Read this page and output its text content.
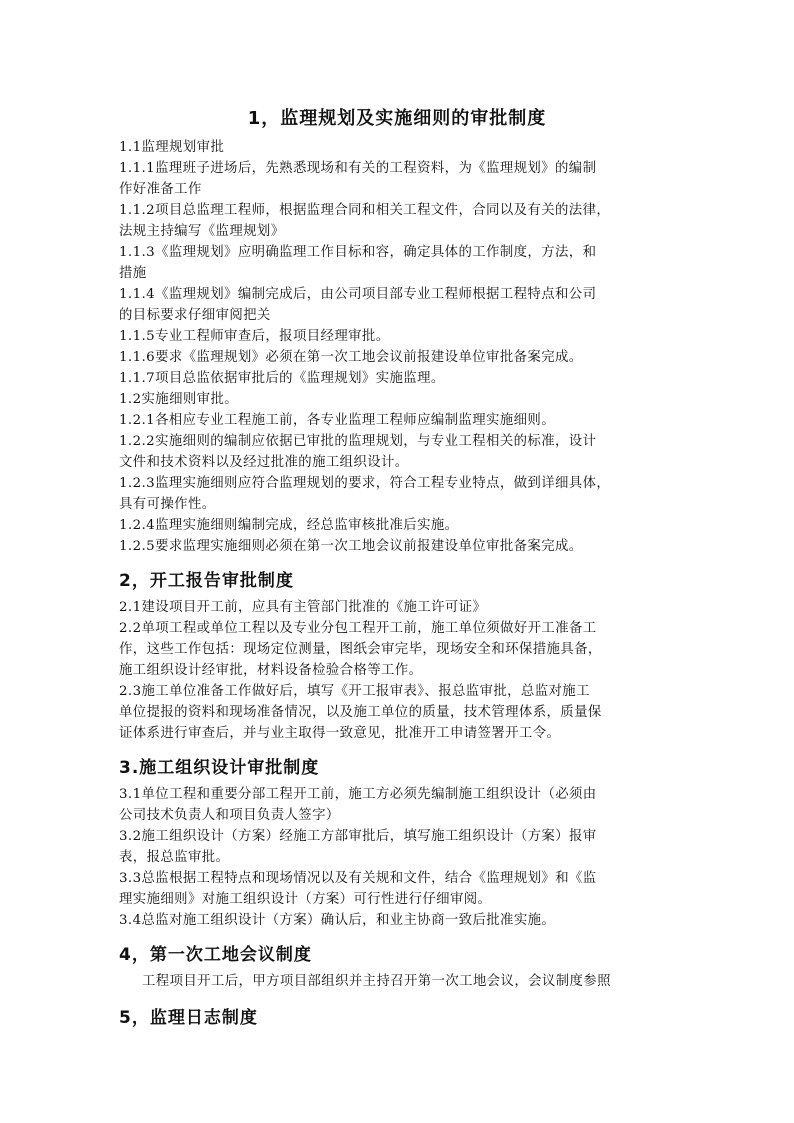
1，监理规划及实施细则的审批制度
1.1监理规划审批
1.1.1监理班子进场后，先熟悉现场和有关的工程资料，为《监理规划》的编制
作好准备工作
1.1.2项目总监理工程师，根据监理合同和相关工程文件，合同以及有关的法律，
法规主持编写《监理规划》
1.1.3《监理规划》应明确监理工作目标和容，确定具体的工作制度，方法，和
措施
1.1.4《监理规划》编制完成后，由公司项目部专业工程师根据工程特点和公司
的目标要求仔细审阅把关
1.1.5专业工程师审查后，报项目经理审批。
1.1.6要求《监理规划》必须在第一次工地会议前报建设单位审批备案完成。
1.1.7项目总监依据审批后的《监理规划》实施监理。
1.2实施细则审批。
1.2.1各相应专业工程施工前，各专业监理工程师应编制监理实施细则。
1.2.2实施细则的编制应依据已审批的监理规划，与专业工程相关的标准，设计
文件和技术资料以及经过批准的施工组织设计。
1.2.3监理实施细则应符合监理规划的要求，符合工程专业特点，做到详细具体，
具有可操作性。
1.2.4监理实施细则编制完成，经总监审核批准后实施。
1.2.5要求监理实施细则必须在第一次工地会议前报建设单位审批备案完成。
2，开工报告审批制度
2.1建设项目开工前，应具有主管部门批准的《施工许可证》
2.2单项工程或单位工程以及专业分包工程开工前，施工单位须做好开工准备工
作，这些工作包括：现场定位测量，图纸会审完毕，现场安全和环保措施具备，
施工组织设计经审批，材料设备检验合格等工作。
2.3施工单位准备工作做好后，填写《开工报审表》、报总监审批，总监对施工
单位提报的资料和现场准备情况，以及施工单位的质量，技术管理体系，质量保
证体系进行审查后，并与业主取得一致意见，批准开工申请签署开工令。
3.施工组织设计审批制度
3.1单位工程和重要分部工程开工前，施工方必须先编制施工组织设计（必须由
公司技术负责人和项目负责人签字）
3.2施工组织设计（方案）经施工方部审批后，填写施工组织设计（方案）报审
表，报总监审批。
3.3总监根据工程特点和现场情况以及有关规和文件，结合《监理规划》和《监
理实施细则》对施工组织设计（方案）可行性进行仔细审阅。
3.4总监对施工组织设计（方案）确认后，和业主协商一致后批准实施。
4，第一次工地会议制度
工程项目开工后，甲方项目部组织并主持召开第一次工地会议，会议制度参照
5，监理日志制度
